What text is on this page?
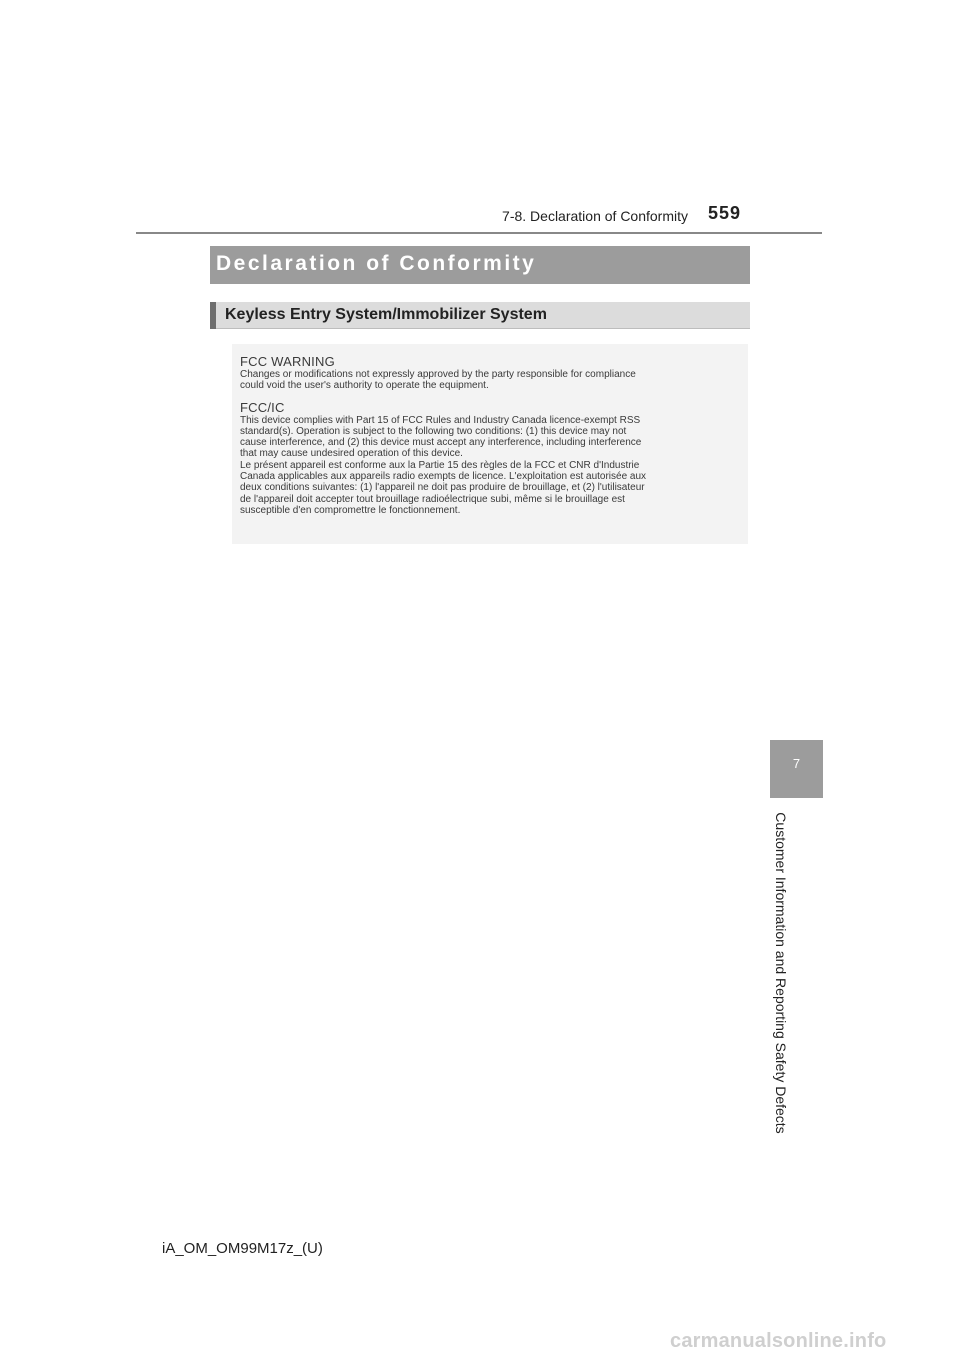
7-8. Declaration of Conformity 559
Declaration of Conformity
Keyless Entry System/Immobilizer System
FCC WARNING
Changes or modifications not expressly approved by the party responsible for compliance
could void the user's authority to operate the equipment.
FCC/IC
This device complies with Part 15 of FCC Rules and Industry Canada licence-exempt RSS
standard(s). Operation is subject to the following two conditions: (1) this device may not
cause interference, and (2) this device must accept any interference, including interference
that may cause undesired operation of this device.
Le présent appareil est conforme aux la Partie 15 des règles de la FCC et CNR d'Industrie
Canada applicables aux appareils radio exempts de licence. L'exploitation est autorisée aux
deux conditions suivantes: (1) l'appareil ne doit pas produire de brouillage, et (2) l'utilisateur
de l'appareil doit accepter tout brouillage radioélectrique subi, même si le brouillage est
susceptible d'en compromettre le fonctionnement.
7
Customer Information and Reporting Safety Defects
iA_OM_OM99M17z_(U)
carmanualsonline.info
